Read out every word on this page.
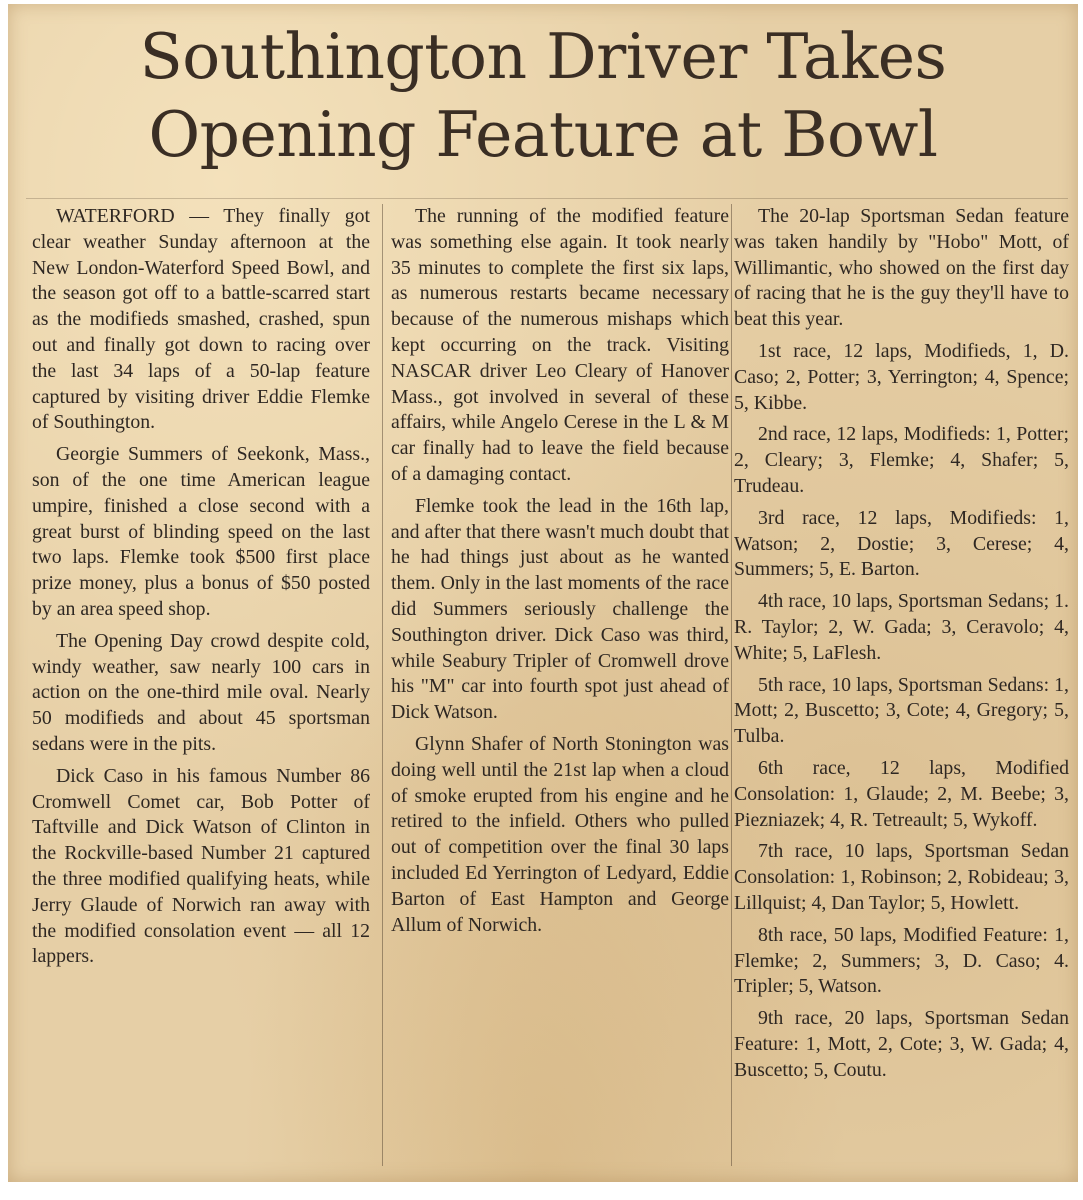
Southington Driver Takes
Opening Feature at Bowl

WATERFORD — They finally got clear weather Sunday afternoon at the New London-Waterford Speed Bowl, and the season got off to a battle-scarred start as the modifieds smashed, crashed, spun out and finally got down to racing over the last 34 laps of a 50-lap feature captured by visiting driver Eddie Flemke of Southington.

Georgie Summers of Seekonk, Mass., son of the one time American league umpire, finished a close second with a great burst of blinding speed on the last two laps. Flemke took $500 first place prize money, plus a bonus of $50 posted by an area speed shop.

The Opening Day crowd despite cold, windy weather, saw nearly 100 cars in action on the one-third mile oval. Nearly 50 modifieds and about 45 sportsman sedans were in the pits.

Dick Caso in his famous Number 86 Cromwell Comet car, Bob Potter of Taftville and Dick Watson of Clinton in the Rockville-based Number 21 captured the three modified qualifying heats, while Jerry Glaude of Norwich ran away with the modified consolation event — all 12 lappers.

The running of the modified feature was something else again. It took nearly 35 minutes to complete the first six laps, as numerous restarts became necessary because of the numerous mishaps which kept occurring on the track. Visiting NASCAR driver Leo Cleary of Hanover Mass., got involved in several of these affairs, while Angelo Cerese in the L & M car finally had to leave the field because of a damaging contact.

Flemke took the lead in the 16th lap, and after that there wasn't much doubt that he had things just about as he wanted them. Only in the last moments of the race did Summers seriously challenge the Southington driver. Dick Caso was third, while Seabury Tripler of Cromwell drove his "M" car into fourth spot just ahead of Dick Watson.

Glynn Shafer of North Stonington was doing well until the 21st lap when a cloud of smoke erupted from his engine and he retired to the infield. Others who pulled out of competition over the final 30 laps included Ed Yerrington of Ledyard, Eddie Barton of East Hampton and George Allum of Norwich.

The 20-lap Sportsman Sedan feature was taken handily by "Hobo" Mott, of Willimantic, who showed on the first day of racing that he is the guy they'll have to beat this year.

1st race, 12 laps, Modifieds, 1, D. Caso; 2, Potter; 3, Yerrington; 4, Spence; 5, Kibbe.

2nd race, 12 laps, Modifieds: 1, Potter; 2, Cleary; 3, Flemke; 4, Shafer; 5, Trudeau.

3rd race, 12 laps, Modifieds: 1, Watson; 2, Dostie; 3, Cerese; 4, Summers; 5, E. Barton.

4th race, 10 laps, Sportsman Sedans; 1. R. Taylor; 2, W. Gada; 3, Ceravolo; 4, White; 5, LaFlesh.

5th race, 10 laps, Sportsman Sedans: 1, Mott; 2, Buscetto; 3, Cote; 4, Gregory; 5, Tulba.

6th race, 12 laps, Modified Consolation: 1, Glaude; 2, M. Beebe; 3, Piezniazek; 4, R. Tetreault; 5, Wykoff.

7th race, 10 laps, Sportsman Sedan Consolation: 1, Robinson; 2, Robideau; 3, Lillquist; 4, Dan Taylor; 5, Howlett.

8th race, 50 laps, Modified Feature: 1, Flemke; 2, Summers; 3, D. Caso; 4. Tripler; 5, Watson.

9th race, 20 laps, Sportsman Sedan Feature: 1, Mott, 2, Cote; 3, W. Gada; 4, Buscetto; 5, Coutu.
